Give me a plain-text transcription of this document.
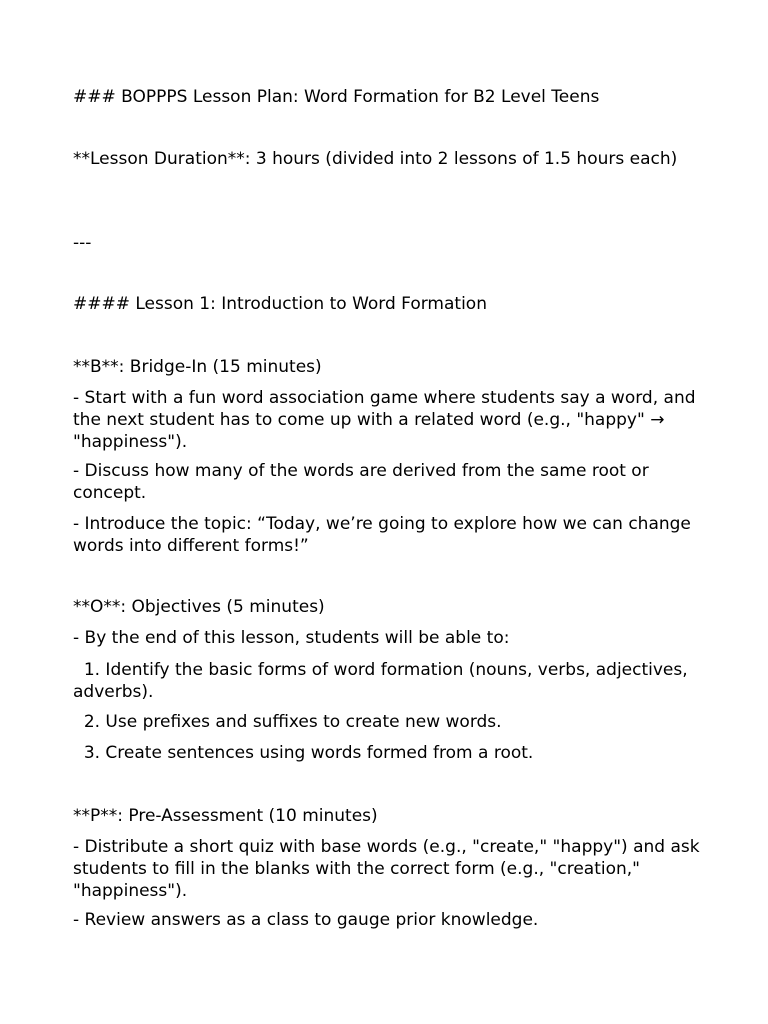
### BOPPPS Lesson Plan: Word Formation for B2 Level Teens

**Lesson Duration**: 3 hours (divided into 2 lessons of 1.5 hours each)

---

#### Lesson 1: Introduction to Word Formation

**B**: Bridge-In (15 minutes)

- Start with a fun word association game where students say a word, and the next student has to come up with a related word (e.g., "happy" → "happiness").

- Discuss how many of the words are derived from the same root or concept.

- Introduce the topic: “Today, we’re going to explore how we can change words into different forms!”

**O**: Objectives (5 minutes)

- By the end of this lesson, students will be able to:

1. Identify the basic forms of word formation (nouns, verbs, adjectives, adverbs).

2. Use prefixes and suffixes to create new words.

3. Create sentences using words formed from a root.

**P**: Pre-Assessment (10 minutes)

- Distribute a short quiz with base words (e.g., "create," "happy") and ask students to fill in the blanks with the correct form (e.g., "creation," "happiness").

- Review answers as a class to gauge prior knowledge.
